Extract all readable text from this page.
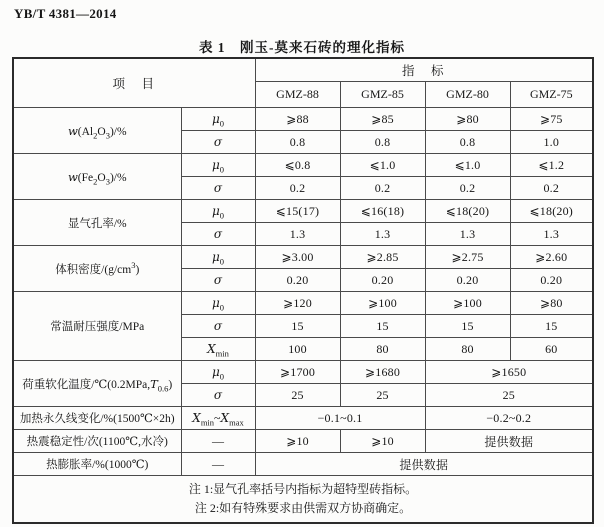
YB/T 4381—2014
表 1　刚玉-莫来石砖的理化指标
项　目		指　标			
		GMZ-88	GMZ-85	GMZ-80	GMZ-75
$w(Al_2O_3)/\%$	$\mu_0$	⩾88	⩾85	⩾80	⩾75
	σ	0.8	0.8	0.8	1.0
$w(Fe_2O_3)/\%$	$\mu_0$	⩽0.8	⩽1.0	⩽1.0	⩽1.2
	σ	0.2	0.2	0.2	0.2
显气孔率/%	$\mu_0$	⩽15(17)	⩽16(18)	⩽18(20)	⩽18(20)
	σ	1.3	1.3	1.3	1.3
体积密度$/(g/cm^3)$	$\mu_0$	⩾3.00	⩾2.85	⩾2.75	⩾2.60
	σ	0.20	0.20	0.20	0.20
常温耐压强度/MPa	$\mu_0$	⩾120	⩾100	⩾100	⩾80
	σ	15	15	15	15
	$X_{min}$	100	80	80	60
荷重软化温度$/℃(0.2MPa,T_{0.6})$	$\mu_0$	⩾1700	⩾1680	⩾1650	
	σ	25	25	25	
加热永久线变化/%(1500℃×2h)	$X_{min}\sim X_{max}$	−0.1~0.1		−0.2~0.2	
热震稳定性/次(1100℃,水冷)	—	⩾10	⩾10	提供数据	
热膨胀率/%(1000℃)	—	提供数据			

注 1:显气孔率括号内指标为超特型砖指标。
注 2:如有特殊要求由供需双方协商确定。					
